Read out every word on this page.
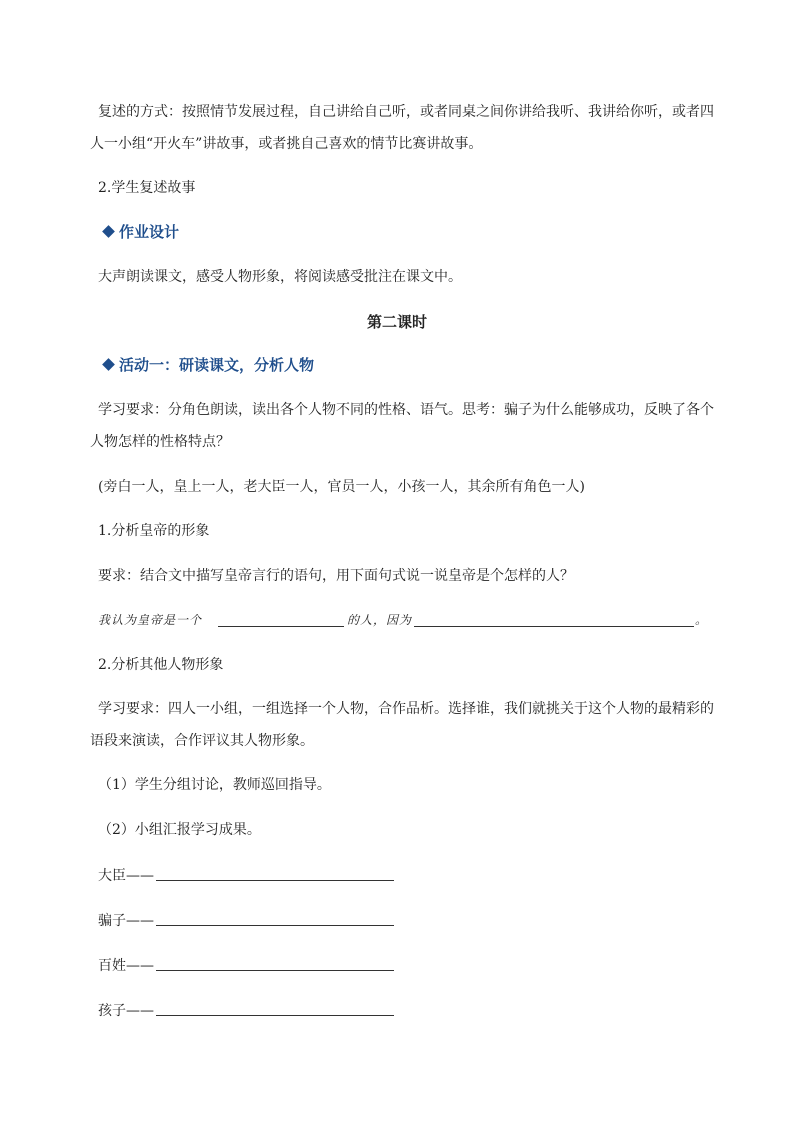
复述的方式：按照情节发展过程，自己讲给自己听，或者同桌之间你讲给我听、我讲给你听，或者四
人一小组“开火车”讲故事，或者挑自己喜欢的情节比赛讲故事。
2.学生复述故事
作业设计
大声朗读课文，感受人物形象，将阅读感受批注在课文中。
第二课时
活动一：研读课文，分析人物
学习要求：分角色朗读，读出各个人物不同的性格、语气。思考：骗子为什么能够成功，反映了各个
人物怎样的性格特点？
(旁白一人，皇上一人，老大臣一人，官员一人，小孩一人，其余所有角色一人)
1.分析皇帝的形象
要求：结合文中描写皇帝言行的语句，用下面句式说一说皇帝是个怎样的人？
我认为皇帝是一个	的人，因为	。
2.分析其他人物形象
学习要求：四人一小组，一组选择一个人物，合作品析。选择谁，我们就挑关于这个人物的最精彩的
语段来演读，合作评议其人物形象。
（1）学生分组讨论，教师巡回指导。
（2）小组汇报学习成果。
大臣——
骗子——
百姓——
孩子——
